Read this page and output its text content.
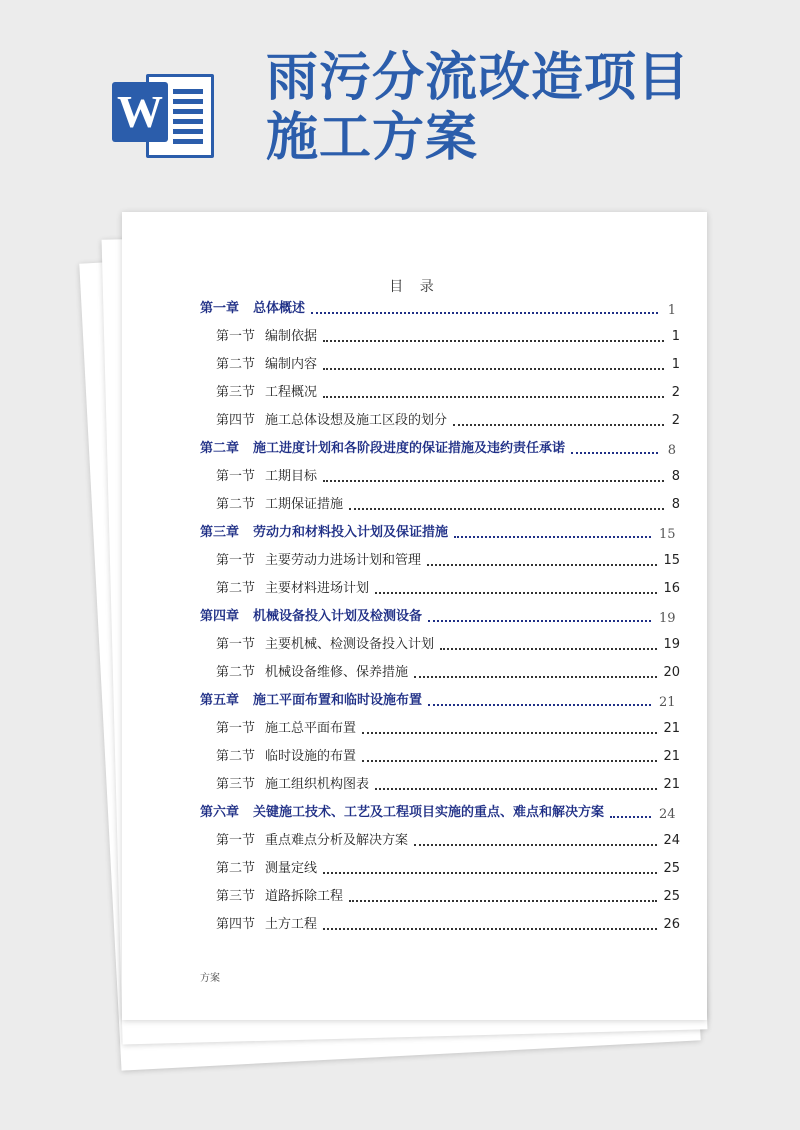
W
雨污分流改造项目
施工方案
目 录
第一章 总体概述	1
第一节 编制依据	1
第二节 编制内容	1
第三节 工程概况	2
第四节 施工总体设想及施工区段的划分	2
第二章 施工进度计划和各阶段进度的保证措施及违约责任承诺	8
第一节 工期目标	8
第二节 工期保证措施	8
第三章 劳动力和材料投入计划及保证措施	15
第一节 主要劳动力进场计划和管理	15
第二节 主要材料进场计划	16
第四章 机械设备投入计划及检测设备	19
第一节 主要机械、检测设备投入计划	19
第二节 机械设备维修、保养措施	20
第五章 施工平面布置和临时设施布置	21
第一节 施工总平面布置	21
第二节 临时设施的布置	21
第三节 施工组织机构图表	21
第六章 关键施工技术、工艺及工程项目实施的重点、难点和解决方案	24
第一节 重点难点分析及解决方案	24
第二节 测量定线	25
第三节 道路拆除工程	25
第四节 土方工程	26
方案
